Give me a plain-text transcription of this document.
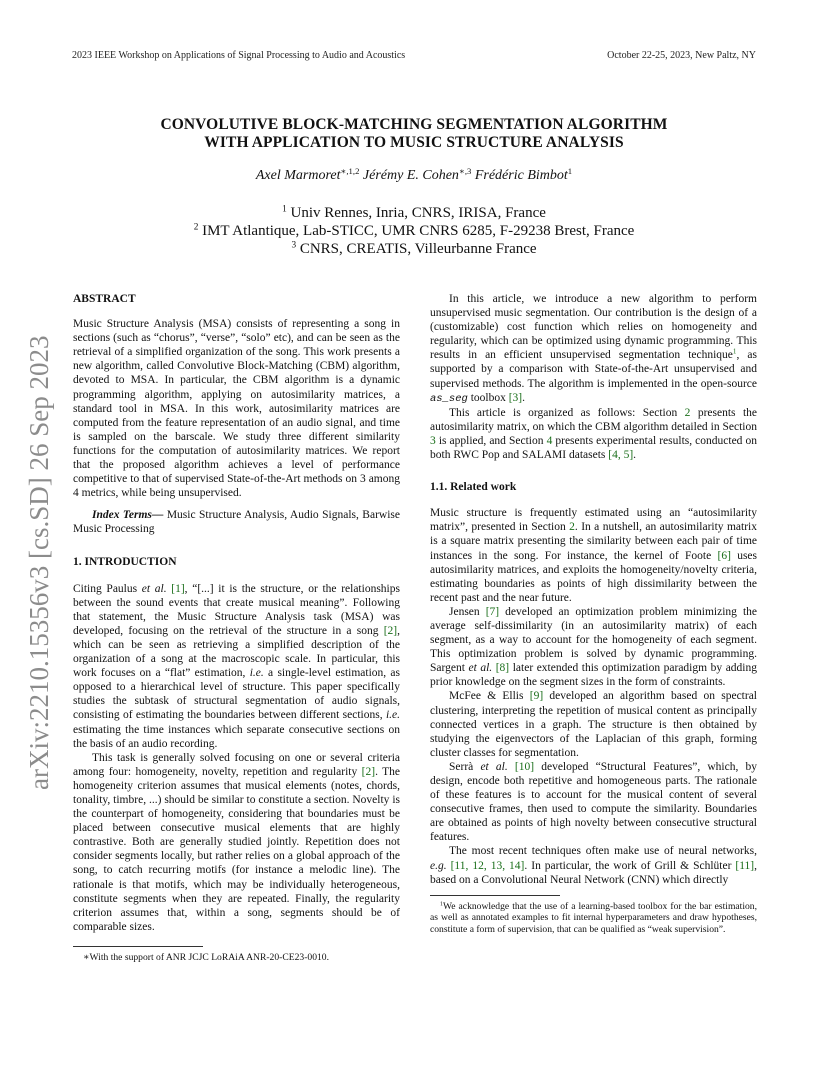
2023 IEEE Workshop on Applications of Signal Processing to Audio and Acoustics	October 22-25, 2023, New Paltz, NY
CONVOLUTIVE BLOCK-MATCHING SEGMENTATION ALGORITHM
WITH APPLICATION TO MUSIC STRUCTURE ANALYSIS
Axel Marmoret$^{∗,1,2}$ Jérémy E. Cohen$^{∗,3}$ Frédéric Bimbot$^1$
$^1$ Univ Rennes, Inria, CNRS, IRISA, France
$^2$ IMT Atlantique, Lab-STICC, UMR CNRS 6285, F-29238 Brest, France
$^3$ CNRS, CREATIS, Villeurbanne France
arXiv:2210.15356v3 [cs.SD] 26 Sep 2023

ABSTRACT

Music Structure Analysis (MSA) consists of representing a song in sections (such as “chorus”, “verse”, “solo” etc), and can be seen as the retrieval of a simplified organization of the song. This work presents a new algorithm, called Convolutive Block-Matching (CBM) algorithm, devoted to MSA. In particular, the CBM algorithm is a dynamic programming algorithm, applying on autosimilarity matrices, a standard tool in MSA. In this work, autosimilarity matrices are computed from the feature representation of an audio signal, and time is sampled on the barscale. We study three different similarity functions for the computation of autosimilarity matrices. We report that the proposed algorithm achieves a level of performance competitive to that of supervised State-of-the-Art methods on 3 among 4 metrics, while being unsupervised.

Index Terms— Music Structure Analysis, Audio Signals, Barwise Music Processing

1. INTRODUCTION

Citing Paulus et al. [1], “[...] it is the structure, or the relationships between the sound events that create musical meaning”. Following that statement, the Music Structure Analysis task (MSA) was developed, focusing on the retrieval of the structure in a song [2], which can be seen as retrieving a simplified description of the organization of a song at the macroscopic scale. In particular, this work focuses on a “flat” estimation, i.e. a single-level estimation, as opposed to a hierarchical level of structure. This paper specifically studies the subtask of structural segmentation of audio signals, consisting of estimating the boundaries between different sections, i.e. estimating the time instances which separate consecutive sections on the basis of an audio recording.

This task is generally solved focusing on one or several criteria among four: homogeneity, novelty, repetition and regularity [2]. The homogeneity criterion assumes that musical elements (notes, chords, tonality, timbre, ...) should be similar to constitute a section. Novelty is the counterpart of homogeneity, considering that boundaries must be placed between consecutive musical elements that are highly contrastive. Both are generally studied jointly. Repetition does not consider segments locally, but rather relies on a global approach of the song, to catch recurring motifs (for instance a melodic line). The rationale is that motifs, which may be individually heterogeneous, constitute segments when they are repeated. Finally, the regularity criterion assumes that, within a song, segments should be of comparable sizes.

∗With the support of ANR JCJC LoRAiA ANR-20-CE23-0010.

In this article, we introduce a new algorithm to perform unsupervised music segmentation. Our contribution is the design of a (customizable) cost function which relies on homogeneity and regularity, which can be optimized using dynamic programming. This results in an efficient unsupervised segmentation technique$^1$, as supported by a comparison with State-of-the-Art unsupervised and supervised methods. The algorithm is implemented in the open-source as_seg toolbox [3].

This article is organized as follows: Section 2 presents the autosimilarity matrix, on which the CBM algorithm detailed in Section 3 is applied, and Section 4 presents experimental results, conducted on both RWC Pop and SALAMI datasets [4, 5].

1.1. Related work

Music structure is frequently estimated using an “autosimilarity matrix”, presented in Section 2. In a nutshell, an autosimilarity matrix is a square matrix presenting the similarity between each pair of time instances in the song. For instance, the kernel of Foote [6] uses autosimilarity matrices, and exploits the homogeneity/novelty criteria, estimating boundaries as points of high dissimilarity between the recent past and the near future.

Jensen [7] developed an optimization problem minimizing the average self-dissimilarity (in an autosimilarity matrix) of each segment, as a way to account for the homogeneity of each segment. This optimization problem is solved by dynamic programming. Sargent et al. [8] later extended this optimization paradigm by adding prior knowledge on the segment sizes in the form of constraints.

McFee & Ellis [9] developed an algorithm based on spectral clustering, interpreting the repetition of musical content as principally connected vertices in a graph. The structure is then obtained by studying the eigenvectors of the Laplacian of this graph, forming cluster classes for segmentation.

Serrà et al. [10] developed “Structural Features”, which, by design, encode both repetitive and homogeneous parts. The rationale of these features is to account for the musical content of several consecutive frames, then used to compute the similarity. Boundaries are obtained as points of high novelty between consecutive structural features.

The most recent techniques often make use of neural networks, e.g. [11, 12, 13, 14]. In particular, the work of Grill & Schlüter [11], based on a Convolutional Neural Network (CNN) which directly

$^1$We acknowledge that the use of a learning-based toolbox for the bar estimation, as well as annotated examples to fit internal hyperparameters and draw hypotheses, constitute a form of supervision, that can be qualified as “weak supervision”.
